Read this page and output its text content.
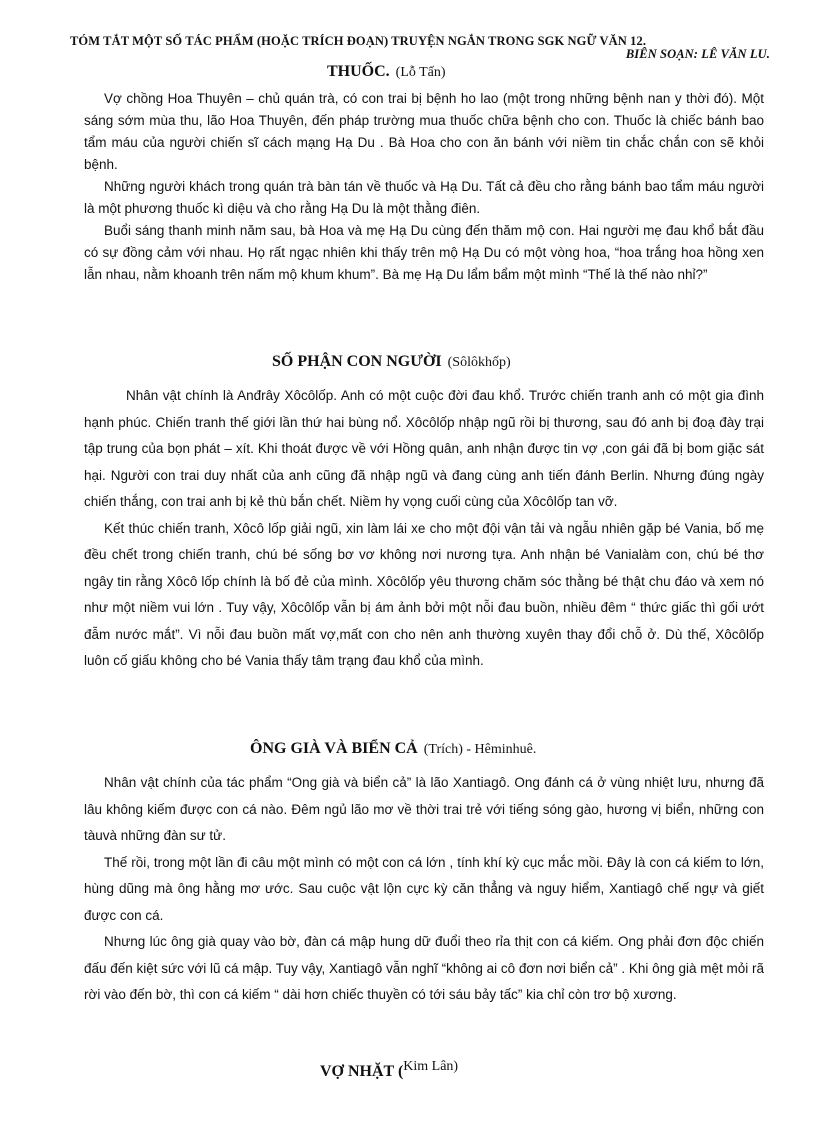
TÓM TẮT MỘT SỐ TÁC PHẨM (HOẶC TRÍCH ĐOẠN) TRUYỆN NGẮN TRONG SGK NGỮ VĂN 12.
BIÊN SOẠN: LÊ VĂN LU.
THUỐC. (Lỗ Tấn)
Vợ chồng Hoa Thuyên – chủ quán trà, có con trai bị bệnh ho lao (một trong những bệnh nan y thời đó). Một sáng sớm mùa thu, lão Hoa Thuyên, đến pháp trường mua thuốc chữa bệnh cho con. Thuốc là chiếc bánh bao tẩm máu của người chiến sĩ cách mạng Hạ Du . Bà Hoa cho con ăn bánh với niềm tin chắc chắn con sẽ khỏi bệnh.
Những người khách trong quán trà bàn tán về thuốc và Hạ Du. Tất cả đều cho rằng bánh bao tẩm máu người là một phương thuốc kì diệu và cho rằng Hạ Du là một thằng điên.
Buổi sáng thanh minh năm sau, bà Hoa và mẹ Hạ Du cùng đến thăm mộ con. Hai người mẹ đau khổ bắt đầu có sự đồng cảm với nhau. Họ rất ngạc nhiên khi thấy trên mộ Hạ Du có một vòng hoa, “hoa trắng hoa hồng xen lẫn nhau, nằm khoanh trên nấm mộ khum khum”. Bà mẹ Hạ Du lẩm bẩm một mình “Thế là thế nào nhỉ?”
SỐ PHẬN CON NGƯỜI (Sôlôkhốp)
Nhân vật chính là Anđrây Xôcôlốp. Anh có một cuộc đời đau khổ. Trước chiến tranh anh có một gia đình hạnh phúc. Chiến tranh thế giới lần thứ hai bùng nổ. Xôcôlốp nhập ngũ rồi bị thương, sau đó anh bị đoạ đày trại tập trung của bọn phát – xít. Khi thoát được về với Hồng quân, anh nhận được tin vợ ,con gái đã bị bom giặc sát hại. Người con trai duy nhất của anh cũng đã nhập ngũ và đang cùng anh tiến đánh Berlin. Nhưng đúng ngày chiến thắng, con trai anh bị kẻ thù bắn chết. Niềm hy vọng cuối cùng của Xôcôlốp tan vỡ.
Kết thúc chiến tranh, Xôcô lốp giải ngũ, xin làm lái xe cho một đội vận tải và ngẫu nhiên gặp bé Vania, bố mẹ đều chết trong chiến tranh, chú bé sống bơ vơ không nơi nương tựa. Anh nhận bé Vanialàm con, chú bé thơ ngây tin rằng Xôcô lốp chính là bố đẻ của mình. Xôcôlốp yêu thương chăm sóc thằng bé thật chu đáo và xem nó như một niềm vui lớn . Tuy vậy, Xôcôlốp vẫn bị ám ảnh bởi một nỗi đau buồn, nhiều đêm “ thức giấc thì gối ướt đẫm nước mắt”. Vì nỗi đau buồn mất vợ,mất con cho nên anh thường xuyên thay đổi chỗ ở. Dù thế, Xôcôlốp luôn cố giấu không cho bé Vania thấy tâm trạng đau khổ của mình.
ÔNG GIÀ VÀ BIỂN CẢ (Trích) - Hêminhuê.
Nhân vật chính của tác phẩm “Ong già và biển cả” là lão Xantiagô. Ong đánh cá ở vùng nhiệt lưu, nhưng đã lâu không kiếm được con cá nào. Đêm ngủ lão mơ về thời trai trẻ với tiếng sóng gào, hương vị biển, những con tàuvà những đàn sư tử.
Thế rồi, trong một lần đi câu một mình có một con cá lớn , tính khí kỳ cục mắc mồi. Đây là con cá kiếm to lớn, hùng dũng mà ông hằng mơ ước. Sau cuộc vật lộn cực kỳ căn thẳng và nguy hiểm, Xantiagô chế ngự và giết được con cá.
Nhưng lúc ông già quay vào bờ, đàn cá mập hung dữ đuổi theo rỉa thịt con cá kiếm. Ong phải đơn độc chiến đấu đến kiệt sức với lũ cá mập. Tuy vậy, Xantiagô vẫn nghĩ “không ai cô đơn nơi biển cả” . Khi ông già mệt mỏi rã rời vào đến bờ, thì con cá kiếm “ dài hơn chiếc thuyền có tới sáu bảy tấc” kia chỉ còn trơ bộ xương.
VỢ NHẶT (Kim Lân)
